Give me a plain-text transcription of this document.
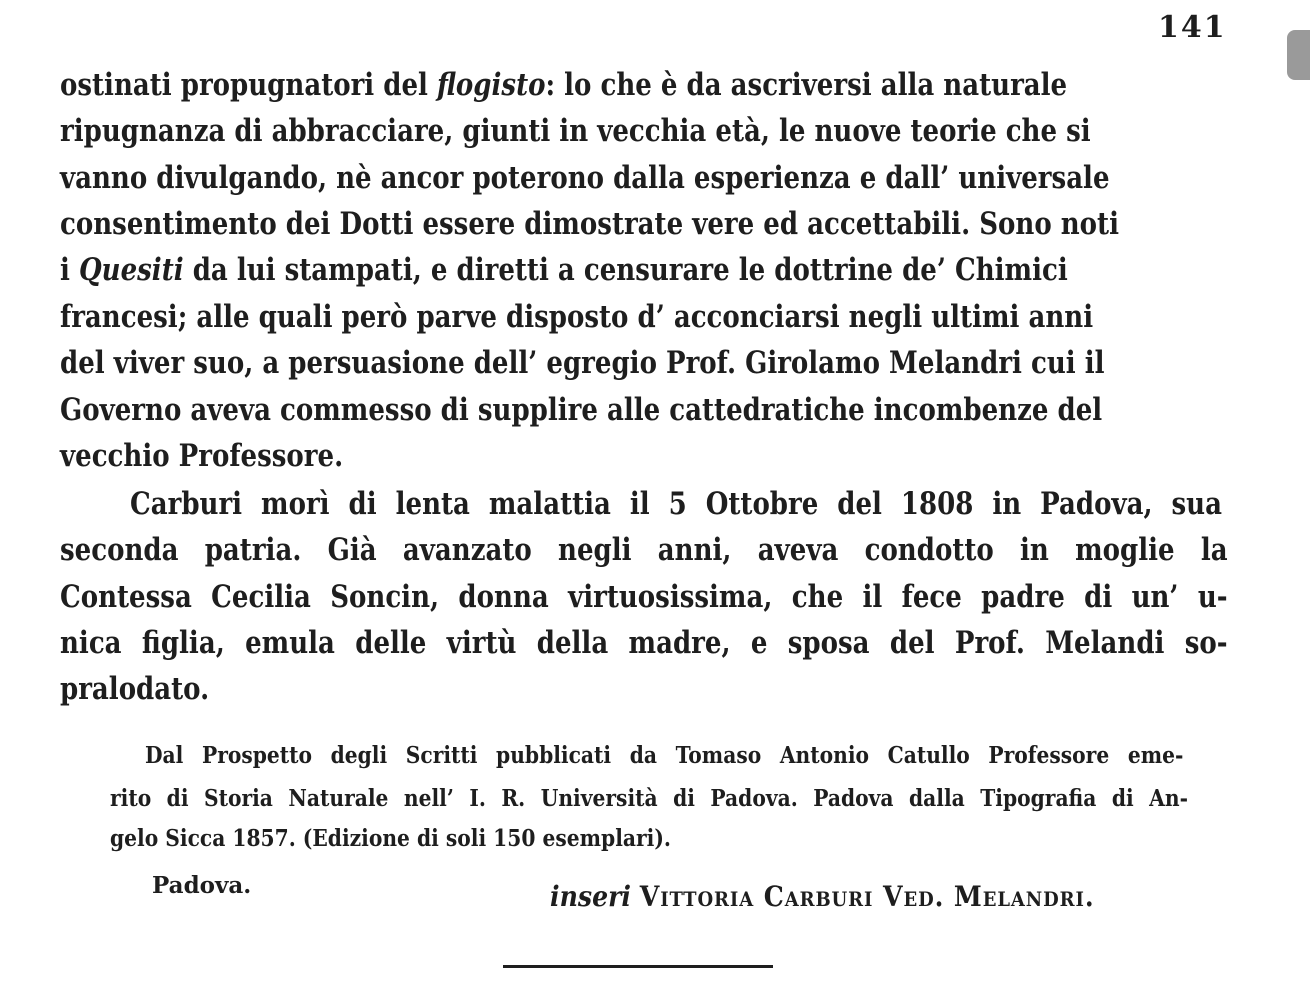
141
ostinati propugnatori del flogisto: lo che è da ascriversi alla naturale
ripugnanza di abbracciare, giunti in vecchia età, le nuove teorie che si
vanno divulgando, nè ancor poterono dalla esperienza e dall’ universale
consentimento dei Dotti essere dimostrate vere ed accettabili. Sono noti
i Quesiti da lui stampati, e diretti a censurare le dottrine de’ Chimici
francesi; alle quali però parve disposto d’ acconciarsi negli ultimi anni
del viver suo, a persuasione dell’ egregio Prof. Girolamo Melandri cui il
Governo aveva commesso di supplire alle cattedratiche incombenze del
vecchio Professore.
Carburi morì di lenta malattia il 5 Ottobre del 1808 in Padova, sua
seconda patria. Già avanzato negli anni, aveva condotto in moglie la
Contessa Cecilia Soncin, donna virtuosissima, che il fece padre di un’ u-
nica figlia, emula delle virtù della madre, e sposa del Prof. Melandi so-
pralodato.
Dal Prospetto degli Scritti pubblicati da Tomaso Antonio Catullo Professore eme-
rito di Storia Naturale nell’ I. R. Università di Padova. Padova dalla Tipografia di An-
gelo Sicca 1857. (Edizione di soli 150 esemplari).
Padova.	inseri Vittoria Carburi Ved. Melandri.
